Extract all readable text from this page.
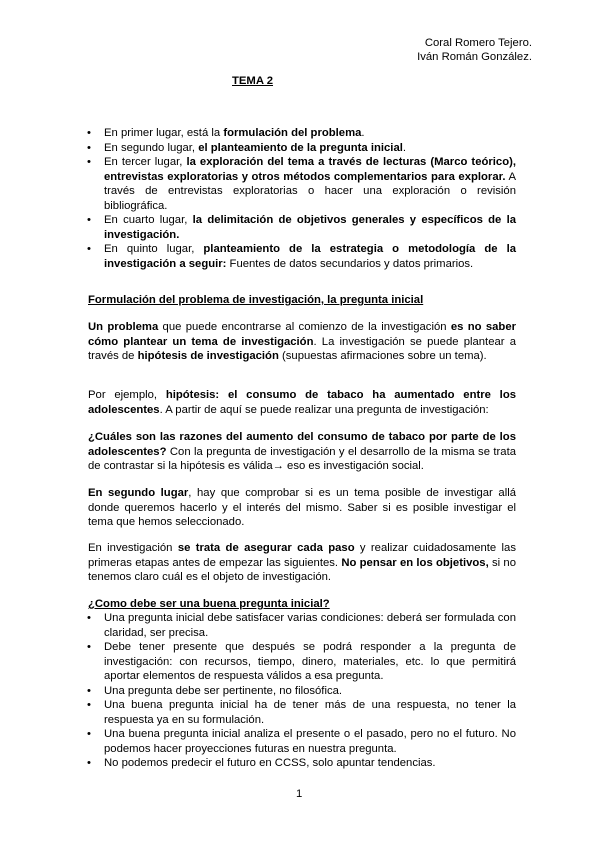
Coral Romero Tejero.
Iván Román González.
TEMA 2
• En primer lugar, está la formulación del problema.
• En segundo lugar, el planteamiento de la pregunta inicial.
• En tercer lugar, la exploración del tema a través de lecturas (Marco teórico), entrevistas exploratorias y otros métodos complementarios para explorar. A través de entrevistas exploratorias o hacer una exploración o revisión bibliográfica.
• En cuarto lugar, la delimitación de objetivos generales y específicos de la investigación.
• En quinto lugar, planteamiento de la estrategia o metodología de la investigación a seguir: Fuentes de datos secundarios y datos primarios.
Formulación del problema de investigación, la pregunta inicial
Un problema que puede encontrarse al comienzo de la investigación es no saber cómo plantear un tema de investigación. La investigación se puede plantear a través de hipótesis de investigación (supuestas afirmaciones sobre un tema).
Por ejemplo, hipótesis: el consumo de tabaco ha aumentado entre los adolescentes. A partir de aquí se puede realizar una pregunta de investigación:
¿Cuáles son las razones del aumento del consumo de tabaco por parte de los adolescentes? Con la pregunta de investigación y el desarrollo de la misma se trata de contrastar si la hipótesis es válida→ eso es investigación social.
En segundo lugar, hay que comprobar si es un tema posible de investigar allá donde queremos hacerlo y el interés del mismo. Saber si es posible investigar el tema que hemos seleccionado.
En investigación se trata de asegurar cada paso y realizar cuidadosamente las primeras etapas antes de empezar las siguientes. No pensar en los objetivos, si no tenemos claro cuál es el objeto de investigación.
¿Como debe ser una buena pregunta inicial?
• Una pregunta inicial debe satisfacer varias condiciones: deberá ser formulada con claridad, ser precisa.
• Debe tener presente que después se podrá responder a la pregunta de investigación: con recursos, tiempo, dinero, materiales, etc. lo que permitirá aportar elementos de respuesta válidos a esa pregunta.
• Una pregunta debe ser pertinente, no filosófica.
• Una buena pregunta inicial ha de tener más de una respuesta, no tener la respuesta ya en su formulación.
• Una buena pregunta inicial analiza el presente o el pasado, pero no el futuro. No podemos hacer proyecciones futuras en nuestra pregunta.
• No podemos predecir el futuro en CCSS, solo apuntar tendencias.
1
